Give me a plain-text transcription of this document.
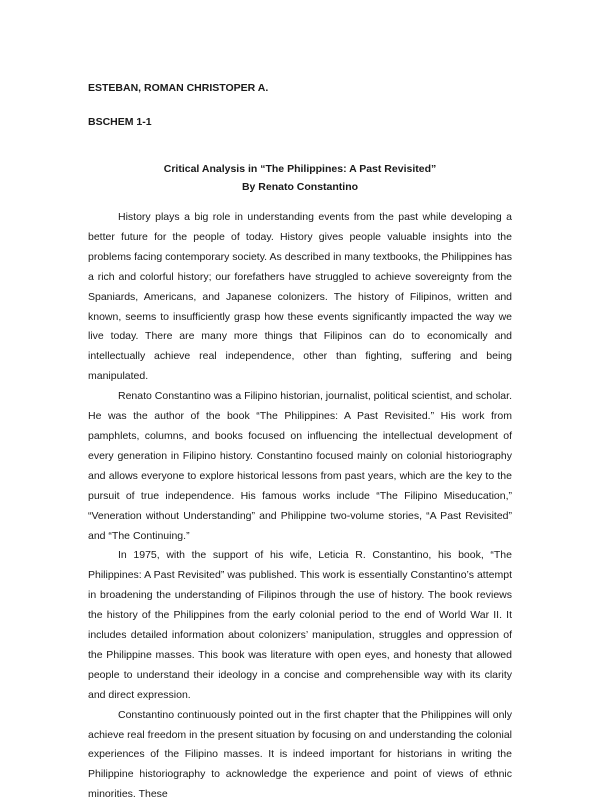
ESTEBAN, ROMAN CHRISTOPER A.
BSCHEM 1-1
Critical Analysis in “The Philippines: A Past Revisited”
By Renato Constantino

History plays a big role in understanding events from the past while developing a better future for the people of today. History gives people valuable insights into the problems facing contemporary society. As described in many textbooks, the Philippines has a rich and colorful history; our forefathers have struggled to achieve sovereignty from the Spaniards, Americans, and Japanese colonizers. The history of Filipinos, written and known, seems to insufficiently grasp how these events significantly impacted the way we live today. There are many more things that Filipinos can do to economically and intellectually achieve real independence, other than fighting, suffering and being manipulated.

Renato Constantino was a Filipino historian, journalist, political scientist, and scholar. He was the author of the book “The Philippines: A Past Revisited.” His work from pamphlets, columns, and books focused on influencing the intellectual development of every generation in Filipino history. Constantino focused mainly on colonial historiography and allows everyone to explore historical lessons from past years, which are the key to the pursuit of true independence. His famous works include “The Filipino Miseducation,” “Veneration without Understanding” and Philippine two-volume stories, “A Past Revisited” and “The Continuing.”

In 1975, with the support of his wife, Leticia R. Constantino, his book, “The Philippines: A Past Revisited” was published. This work is essentially Constantino’s attempt in broadening the understanding of Filipinos through the use of history. The book reviews the history of the Philippines from the early colonial period to the end of World War II. It includes detailed information about colonizers’ manipulation, struggles and oppression of the Philippine masses. This book was literature with open eyes, and honesty that allowed people to understand their ideology in a concise and comprehensible way with its clarity and direct expression.

Constantino continuously pointed out in the first chapter that the Philippines will only achieve real freedom in the present situation by focusing on and understanding the colonial experiences of the Filipino masses. It is indeed important for historians in writing the Philippine historiography to acknowledge the experience and point of views of ethnic minorities. These
